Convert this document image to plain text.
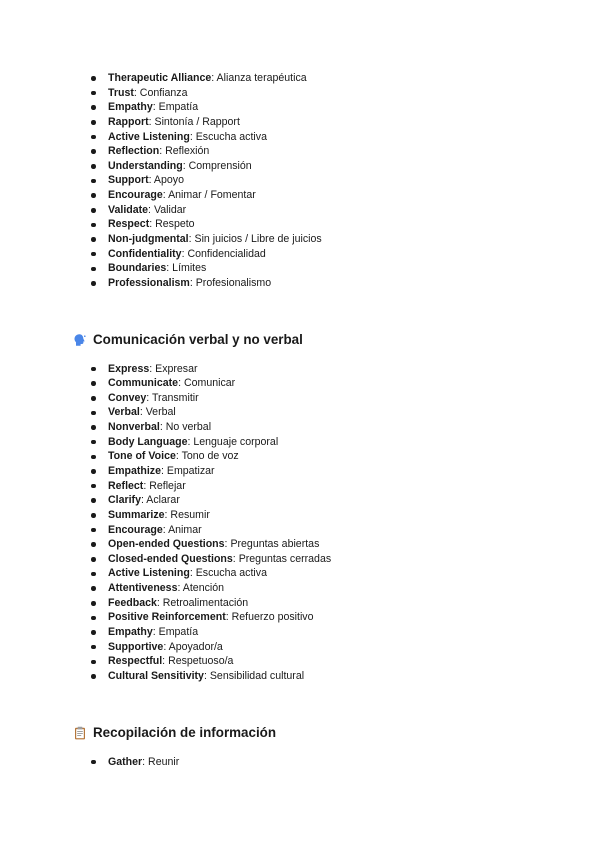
Therapeutic Alliance: Alianza terapéutica
Trust: Confianza
Empathy: Empatía
Rapport: Sintonía / Rapport
Active Listening: Escucha activa
Reflection: Reflexión
Understanding: Comprensión
Support: Apoyo
Encourage: Animar / Fomentar
Validate: Validar
Respect: Respeto
Non-judgmental: Sin juicios / Libre de juicios
Confidentiality: Confidencialidad
Boundaries: Límites
Professionalism: Profesionalismo
Comunicación verbal y no verbal
Express: Expresar
Communicate: Comunicar
Convey: Transmitir
Verbal: Verbal
Nonverbal: No verbal
Body Language: Lenguaje corporal
Tone of Voice: Tono de voz
Empathize: Empatizar
Reflect: Reflejar
Clarify: Aclarar
Summarize: Resumir
Encourage: Animar
Open-ended Questions: Preguntas abiertas
Closed-ended Questions: Preguntas cerradas
Active Listening: Escucha activa
Attentiveness: Atención
Feedback: Retroalimentación
Positive Reinforcement: Refuerzo positivo
Empathy: Empatía
Supportive: Apoyador/a
Respectful: Respetuoso/a
Cultural Sensitivity: Sensibilidad cultural
Recopilación de información
Gather: Reunir
